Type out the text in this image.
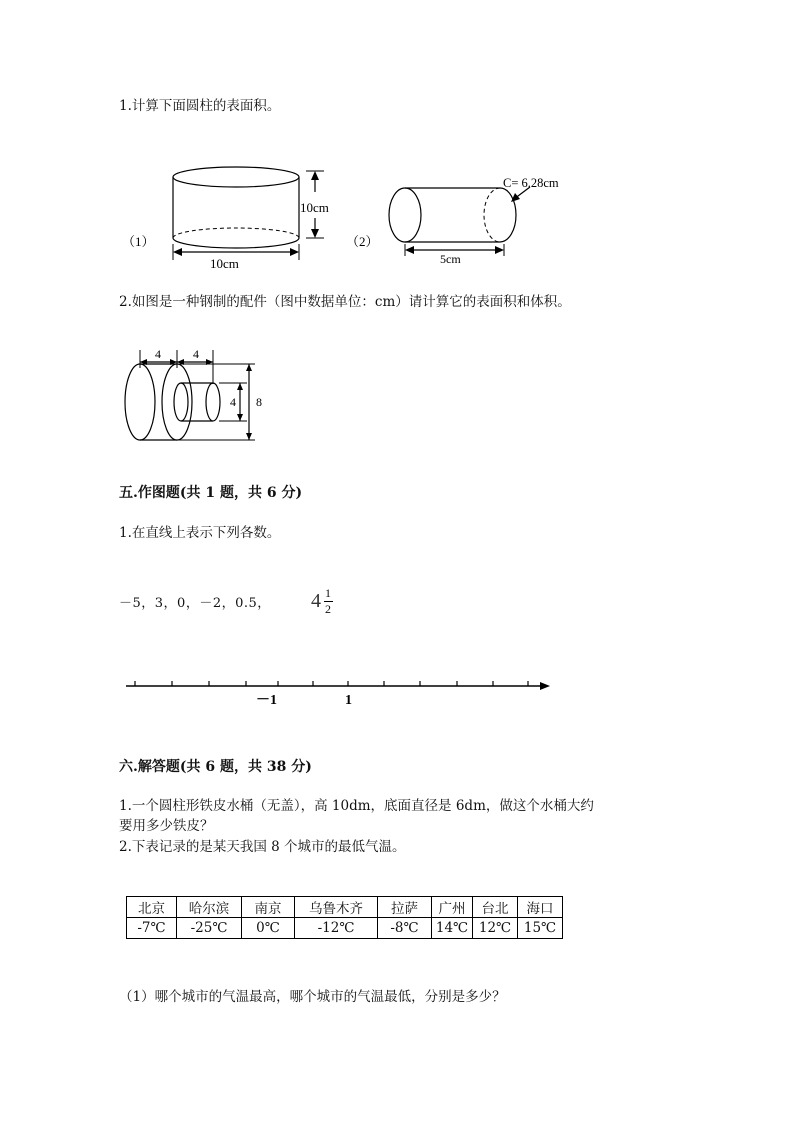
1.计算下面圆柱的表面积。
（1）
10cm
10cm
（2）
C= 6.28cm
5cm
2.如图是一种钢制的配件（图中数据单位：cm）请计算它的表面积和体积。
4	4
4 8
五.作图题(共 1 题，共 6 分)
1.在直线上表示下列各数。
－5，3，0，－2，0.5， 4 1
2
－1	1
六.解答题(共 6 题，共 38 分)
1.一个圆柱形铁皮水桶（无盖），高 10dm，底面直径是 6dm，做这个水桶大约
要用多少铁皮？
2.下表记录的是某天我国 8 个城市的最低气温。
北京	哈尔滨	南京	乌鲁木齐	拉萨	广州	台北	海口
-7℃	-25℃	0℃	-12℃	-8℃	14℃	12℃	15℃
（1）哪个城市的气温最高，哪个城市的气温最低，分别是多少？
